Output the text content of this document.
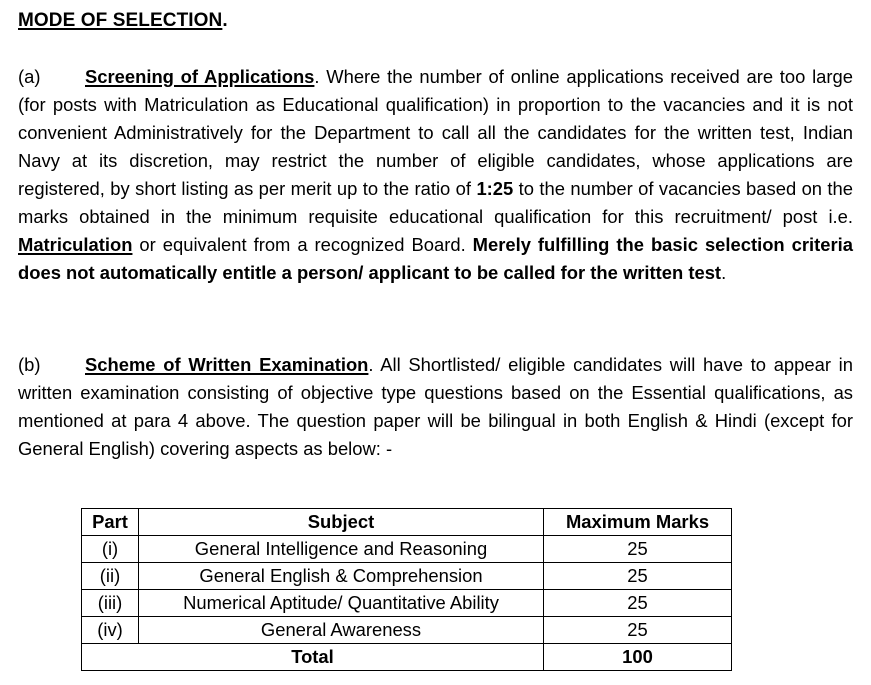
MODE OF SELECTION.
(a) Screening of Applications. Where the number of online applications received are too large (for posts with Matriculation as Educational qualification) in proportion to the vacancies and it is not convenient Administratively for the Department to call all the candidates for the written test, Indian Navy at its discretion, may restrict the number of eligible candidates, whose applications are registered, by short listing as per merit up to the ratio of 1:25 to the number of vacancies based on the marks obtained in the minimum requisite educational qualification for this recruitment/ post i.e. Matriculation or equivalent from a recognized Board. Merely fulfilling the basic selection criteria does not automatically entitle a person/ applicant to be called for the written test.
(b) Scheme of Written Examination. All Shortlisted/ eligible candidates will have to appear in written examination consisting of objective type questions based on the Essential qualifications, as mentioned at para 4 above. The question paper will be bilingual in both English & Hindi (except for General English) covering aspects as below: -
Part	Subject	Maximum Marks
(i)	General Intelligence and Reasoning	25
(ii)	General English & Comprehension	25
(iii)	Numerical Aptitude/ Quantitative Ability	25
(iv)	General Awareness	25
Total		100
